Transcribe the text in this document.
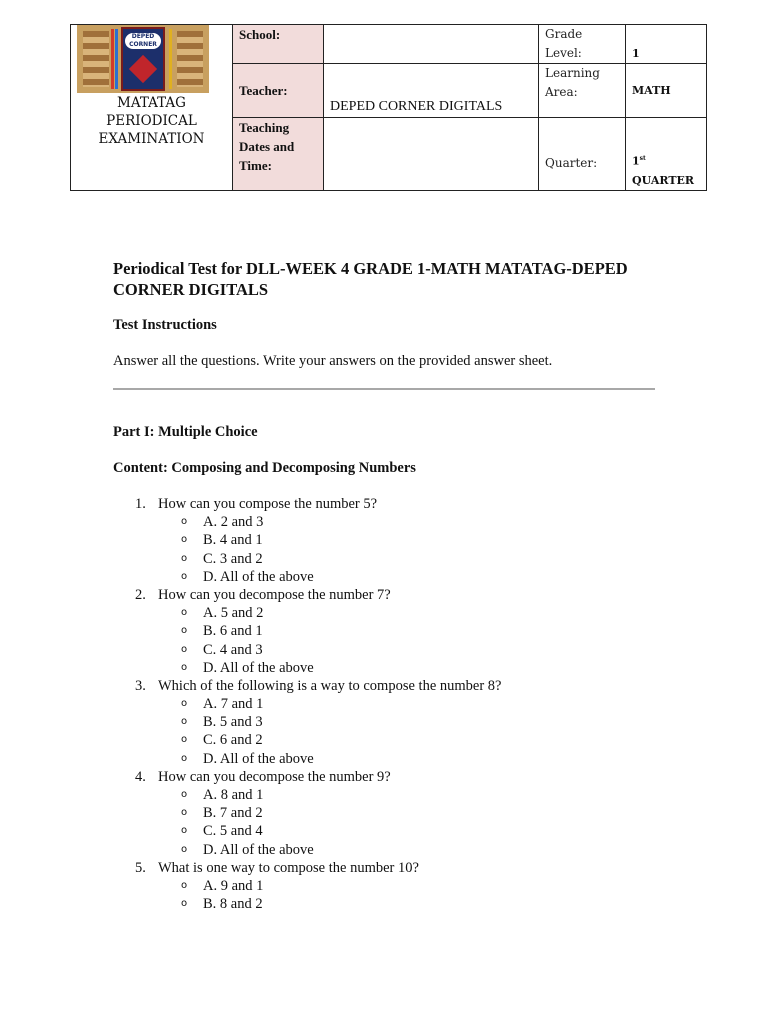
DEPED CORNER
MATATAG
PERIODICAL
EXAMINATION	School:		Grade Level:	1
	Teacher:	DEPED CORNER DIGITALS	Learning Area:	MATH
	Teaching Dates and Time:		Quarter:	1st
QUARTER
Periodical Test for DLL-WEEK 4 GRADE 1-MATH MATATAG-DEPED CORNER DIGITALS
Test Instructions

Answer all the questions. Write your answers on the provided answer sheet.

Part I: Multiple Choice
Content: Composing and Decomposing Numbers
1. How can you compose the number 5?
o A. 2 and 3
o B. 4 and 1
o C. 3 and 2
o D. All of the above
2. How can you decompose the number 7?
o A. 5 and 2
o B. 6 and 1
o C. 4 and 3
o D. All of the above
3. Which of the following is a way to compose the number 8?
o A. 7 and 1
o B. 5 and 3
o C. 6 and 2
o D. All of the above
4. How can you decompose the number 9?
o A. 8 and 1
o B. 7 and 2
o C. 5 and 4
o D. All of the above
5. What is one way to compose the number 10?
o A. 9 and 1
o B. 8 and 2
